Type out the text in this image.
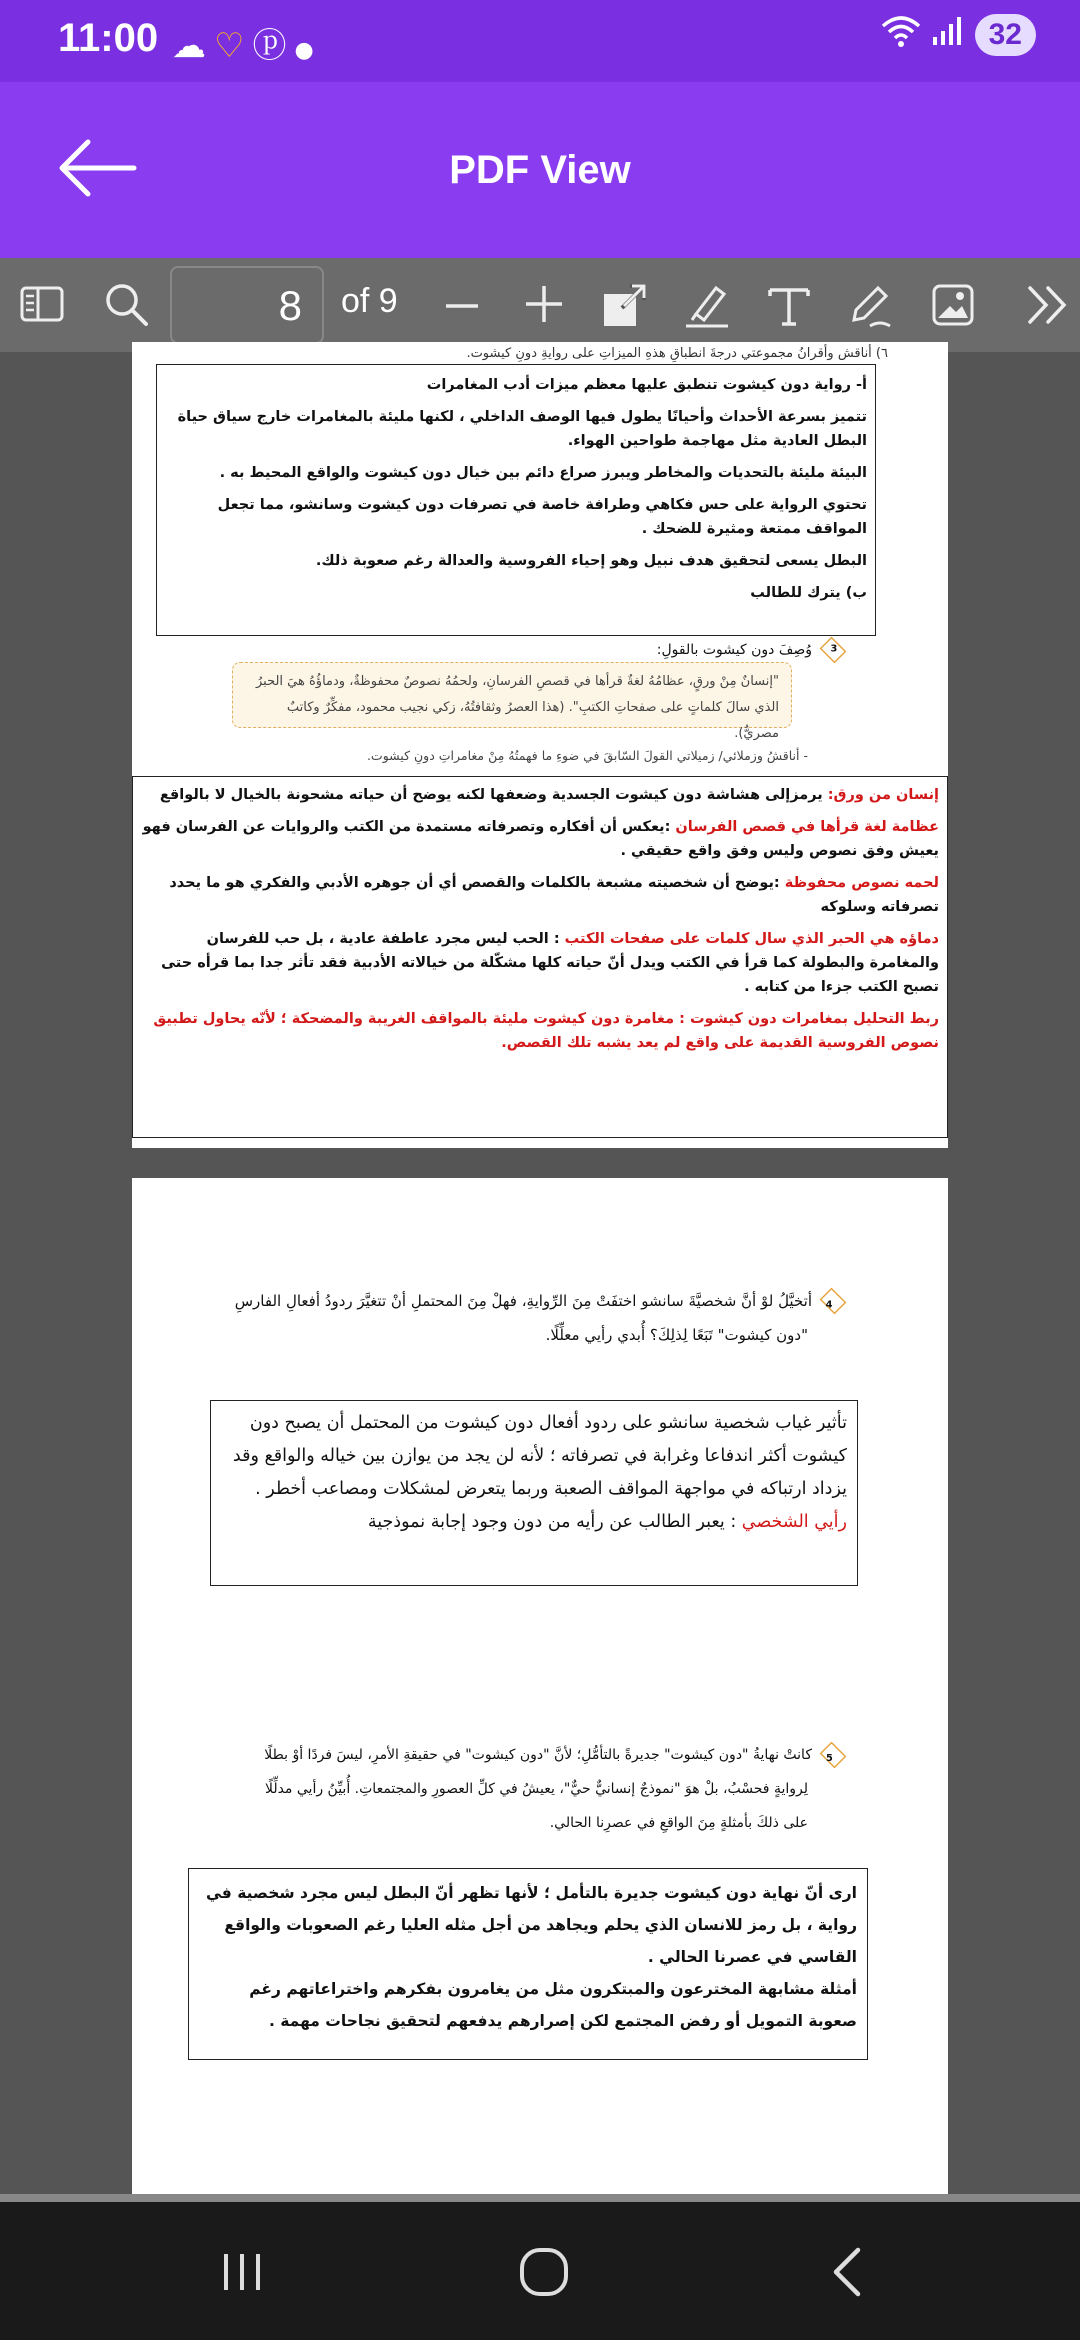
11:00 ☁♡ⓟ●	32
PDF View
8	of 9
٦) أناقش وأقرانُ مجموعتي درجةَ انطباقِ هذهِ الميزاتِ على روايةِ دونِ كيشوت.
أ- رواية دون كيشوت تنطبق عليها معظم ميزات أدب المغامرات
تتميز بسرعة الأحداث وأحيانًا يطول فيها الوصف الداخلي ، لكنها مليئة بالمغامرات خارج سياق حياة البطل العادية مثل مهاجمة طواحين الهواء.
البيئة مليئة بالتحديات والمخاطر ويبرز صراع دائم بين خيال دون كيشوت والواقع المحيط به .
تحتوي الرواية على حس فكاهي وطرافة خاصة في تصرفات دون كيشوت وسانشو، مما تجعل المواقف ممتعة ومثيرة للضحك .
البطل يسعى لتحقيق هدف نبيل وهو إحياء الفروسية والعدالة رغم صعوبة ذلك.
ب) يترك للطالب
3
وُصِفَ دون كيشوت بالقولِ:
"إنسانٌ مِنْ ورقٍ، عظامُهُ لغةٌ قرأها في قصصِ الفرسانِ، ولحمُهُ نصوصٌ محفوظةٌ، ودماؤُهُ هيَ الحبرُ
الذي سالَ كلماتٍ على صفحاتِ الكتبِ". (هذا العصرُ وثقافتُهُ، زكي نجيب محمود، مفكِّرٌ وكاتبٌ مصريٌّ).
- أناقشُ وزملائي/ زميلاتي القولَ السّابقَ في ضوءِ ما فهمتُهُ مِنْ مغامراتِ دونِ كيشوت.
إنسان من ورق: يرمزإلى هشاشة دون كيشوت الجسدية وضعفها لكنه يوضح أن حياته مشحونة بالخيال لا بالواقع
عظامة لغة قرأها في قصص الفرسان :يعكس أن أفكاره وتصرفاته مستمدة من الكتب والروايات عن الفرسان فهو يعيش وفق نصوص وليس وفق واقع حقيقي .
لحمه نصوص محفوظة :يوضح أن شخصيته مشبعة بالكلمات والقصص أي أن جوهره الأدبي والفكري هو ما يحدد تصرفاته وسلوكه
دماؤه هي الحبر الذي سال كلمات على صفحات الكتب : الحب ليس مجرد عاطفة عادية ، بل حب للفرسان والمغامرة والبطولة كما قرأ في الكتب ويدل أنّ حياته كلها مشكّلة من خيالاته الأدبية فقد تأثر جدا بما قرأه حتى تصبح الكتب جزءا من كتابه .
ربط التحليل بمغامرات دون كيشوت : مغامرة دون كيشوت مليئة بالمواقف الغريبة والمضحكة ؛ لأنّه يحاول تطبيق نصوص الفروسية القديمة على واقع لم يعد يشبه تلك القصص.
4
أتخيَّلُ لوْ أنَّ شخصيَّةَ سانشو اختفَتْ مِنَ الرِّوايةِ، فهلْ مِنَ المحتملِ أنْ تتغيَّرَ ردودُ أفعالِ الفارسِ
"دون كيشوت" تَبَعًا لِذلِكَ؟ أُبدي رأيي معلِّلًا.
تأثير غياب شخصية سانشو على ردود أفعال دون كيشوت من المحتمل أن يصبح دون كيشوت أكثر اندفاعا وغرابة في تصرفاته ؛ لأنه لن يجد من يوازن بين خياله والواقع وقد يزداد ارتباكه في مواجهة المواقف الصعبة وربما يتعرض لمشكلات ومصاعب أخطر .
رأيي الشخصي : يعبر الطالب عن رأيه من دون وجود إجابة نموذجية
5
كانتْ نهايةُ "دون كيشوت" جديرةً بالتأمُّلِ؛ لأنَّ "دون كيشوت" في حقيقةِ الأمرِ، ليسَ فردًا أوْ بطلًا
لِروايةٍ فحسْبُ، بلْ هوَ "نموذجٌ إنسانيٌّ حيٌّ"، يعيشُ في كلِّ العصورِ والمجتمعاتِ. أُبيِّنُ رأيي مدلِّلًا
على ذلكَ بأمثلةٍ مِنَ الواقعِ في عصرِنا الحالي.
ارى أنّ نهاية دون كيشوت جديرة بالتأمل ؛ لأنها تظهر أنّ البطل ليس مجرد شخصية في رواية ، بل رمز للانسان الذي يحلم ويجاهد من أجل مثله العليا رغم الصعوبات والواقع القاسي في عصرنا الحالي .
أمثلة مشابهة المخترعون والمبتكرون مثل من يغامرون بفكرهم واختراعاتهم رغم صعوبة التمويل أو رفض المجتمع لكن إصرارهم يدفعهم لتحقيق نجاحات مهمة .
